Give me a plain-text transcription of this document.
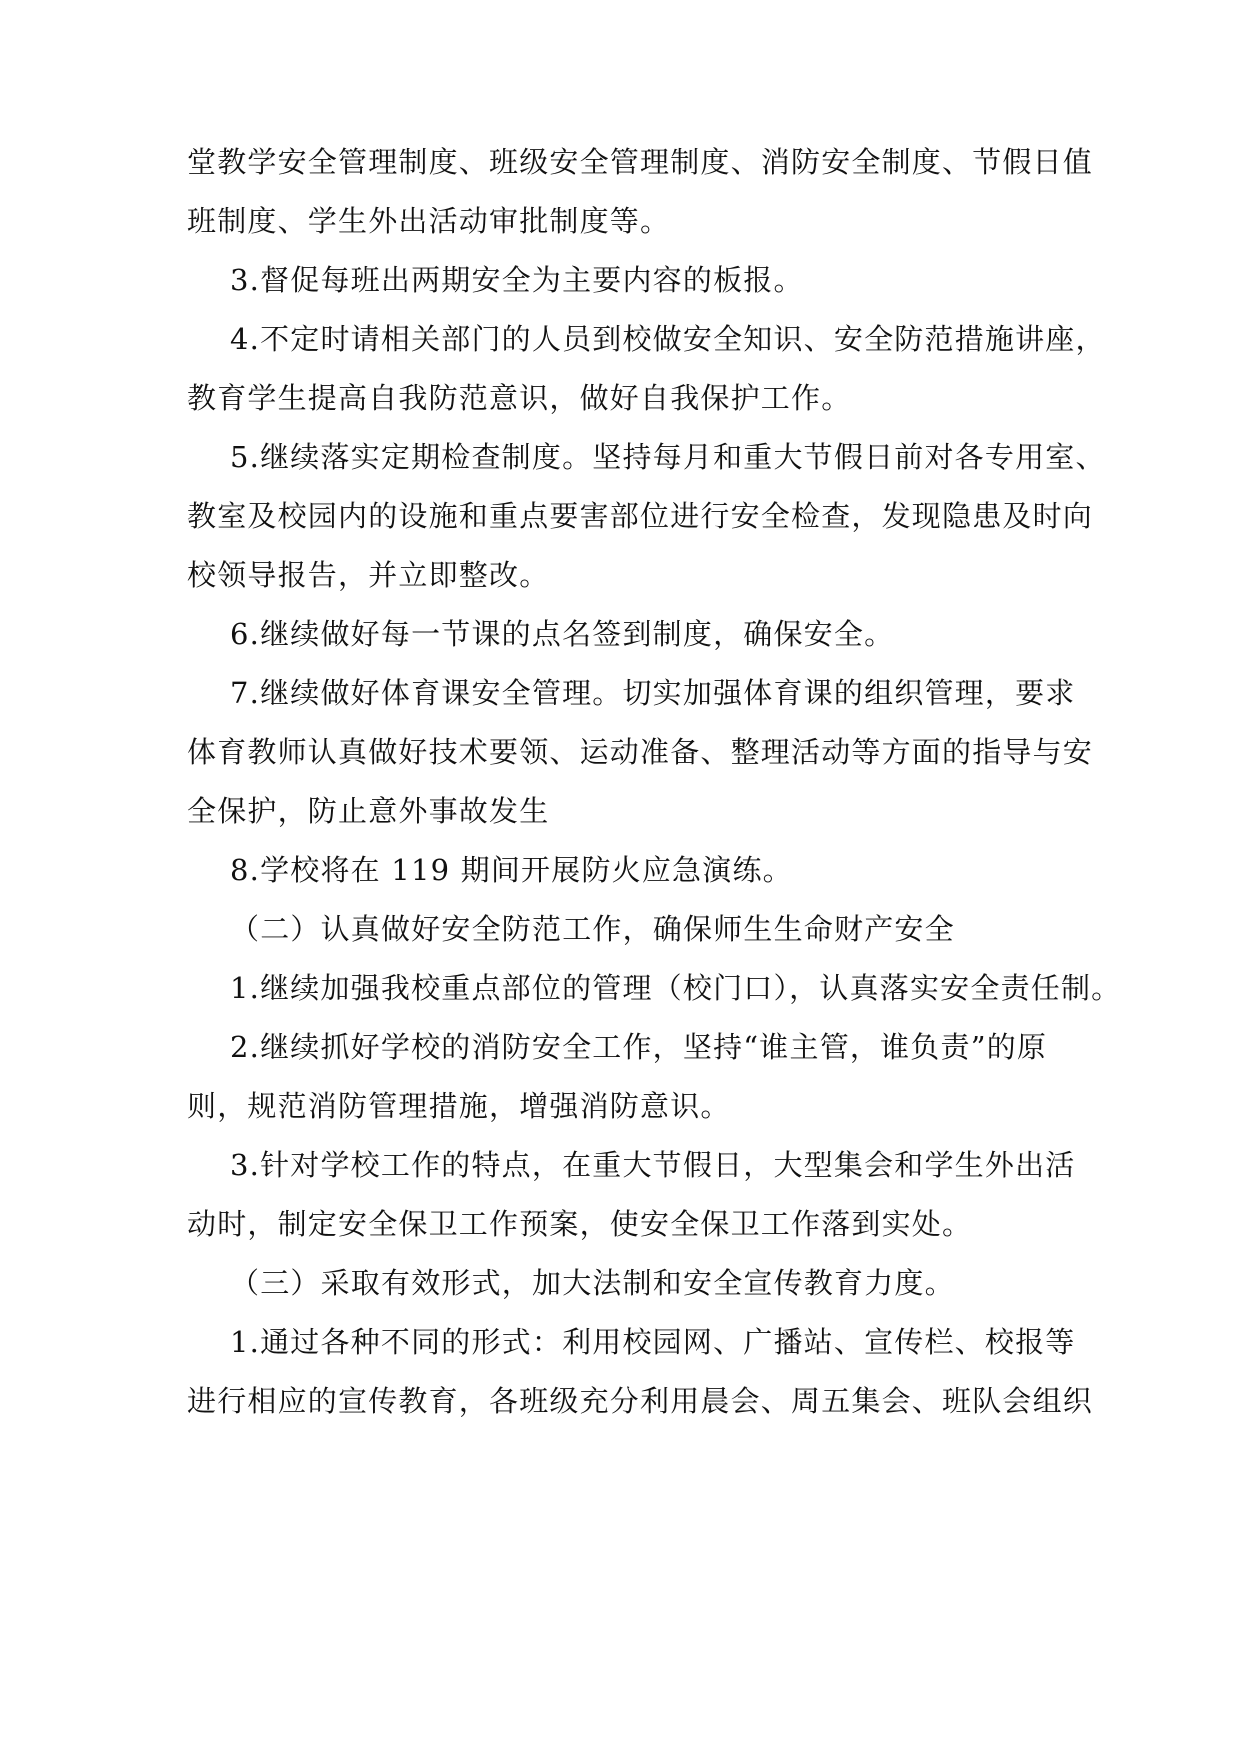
堂教学安全管理制度、班级安全管理制度、消防安全制度、节假日值
班制度、学生外出活动审批制度等。
3.督促每班出两期安全为主要内容的板报。
4.不定时请相关部门的人员到校做安全知识、安全防范措施讲座，
教育学生提高自我防范意识，做好自我保护工作。
5.继续落实定期检查制度。坚持每月和重大节假日前对各专用室、
教室及校园内的设施和重点要害部位进行安全检查，发现隐患及时向
校领导报告，并立即整改。
6.继续做好每一节课的点名签到制度，确保安全。
7.继续做好体育课安全管理。切实加强体育课的组织管理，要求
体育教师认真做好技术要领、运动准备、整理活动等方面的指导与安
全保护，防止意外事故发生
8.学校将在 119 期间开展防火应急演练。
（二）认真做好安全防范工作，确保师生生命财产安全
1.继续加强我校重点部位的管理（校门口），认真落实安全责任制。
2.继续抓好学校的消防安全工作，坚持“谁主管，谁负责”的原
则，规范消防管理措施，增强消防意识。
3.针对学校工作的特点，在重大节假日，大型集会和学生外出活
动时，制定安全保卫工作预案，使安全保卫工作落到实处。
（三）采取有效形式，加大法制和安全宣传教育力度。
1.通过各种不同的形式：利用校园网、广播站、宣传栏、校报等
进行相应的宣传教育，各班级充分利用晨会、周五集会、班队会组织
